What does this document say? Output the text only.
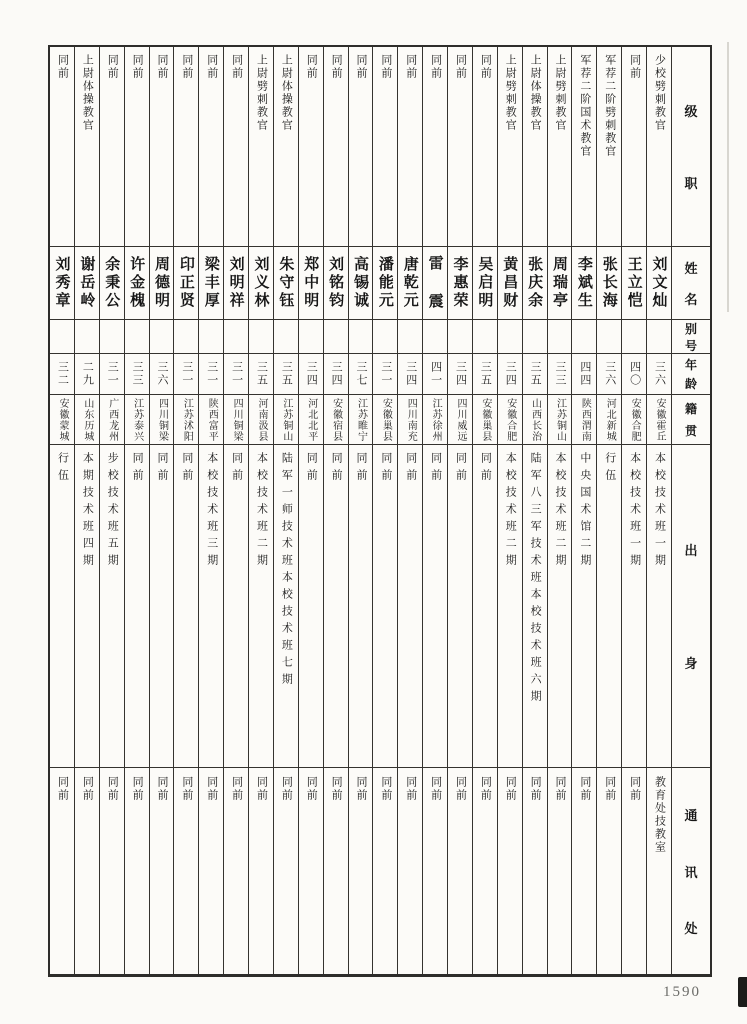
同前
刘秀章
三二
安徽蒙城
行伍
同前
上尉体操教官
谢岳岭
二九
山东历城
本期技术班四期
同前
同前
余秉公
三一
广西龙州
步校技术班五期
同前
同前
许金槐
三三
江苏泰兴
同前
同前
同前
周德明
三六
四川铜梁
同前
同前
同前
印正贤
三一
江苏沭阳
同前
同前
同前
梁丰厚
三一
陕西富平
本校技术班三期
同前
同前
刘明祥
三一
四川铜梁
同前
同前
上尉劈刺教官
刘义林
三五
河南汲县
本校技术班二期
同前
上尉体操教官
朱守钰
三五
江苏铜山
陆军一师技术班本校技术班七期
同前
同前
郑中明
三四
河北北平
同前
同前
同前
刘铭钧
三四
安徽宿县
同前
同前
同前
高锡诚
三七
江苏睢宁
同前
同前
同前
潘能元
三一
安徽巢县
同前
同前
同前
唐乾元
三四
四川南充
同前
同前
同前
雷 震
四一
江苏徐州
同前
同前
同前
李惠荣
三四
四川威远
同前
同前
同前
吴启明
三五
安徽巢县
同前
同前
上尉劈刺教官
黄昌财
三四
安徽合肥
本校技术班二期
同前
上尉体操教官
张庆余
三五
山西长治
陆军八三军技术班本校技术班六期
同前
上尉劈刺教官
周瑞亭
三三
江苏铜山
本校技术班二期
同前
军荐二阶国术教官
李斌生
四四
陕西渭南
中央国术馆二期
同前
军荐二阶劈刺教官
张长海
三六
河北新城
行伍
同前
同前
王立恺
四〇
安徽合肥
本校技术班一期
同前
少校劈刺教官
刘文灿
三六
安徽霍丘
本校技术班一期
教育处技教室
级
职
姓
名
别
号
年
龄
籍
贯
出
身
通
讯
处
1590
